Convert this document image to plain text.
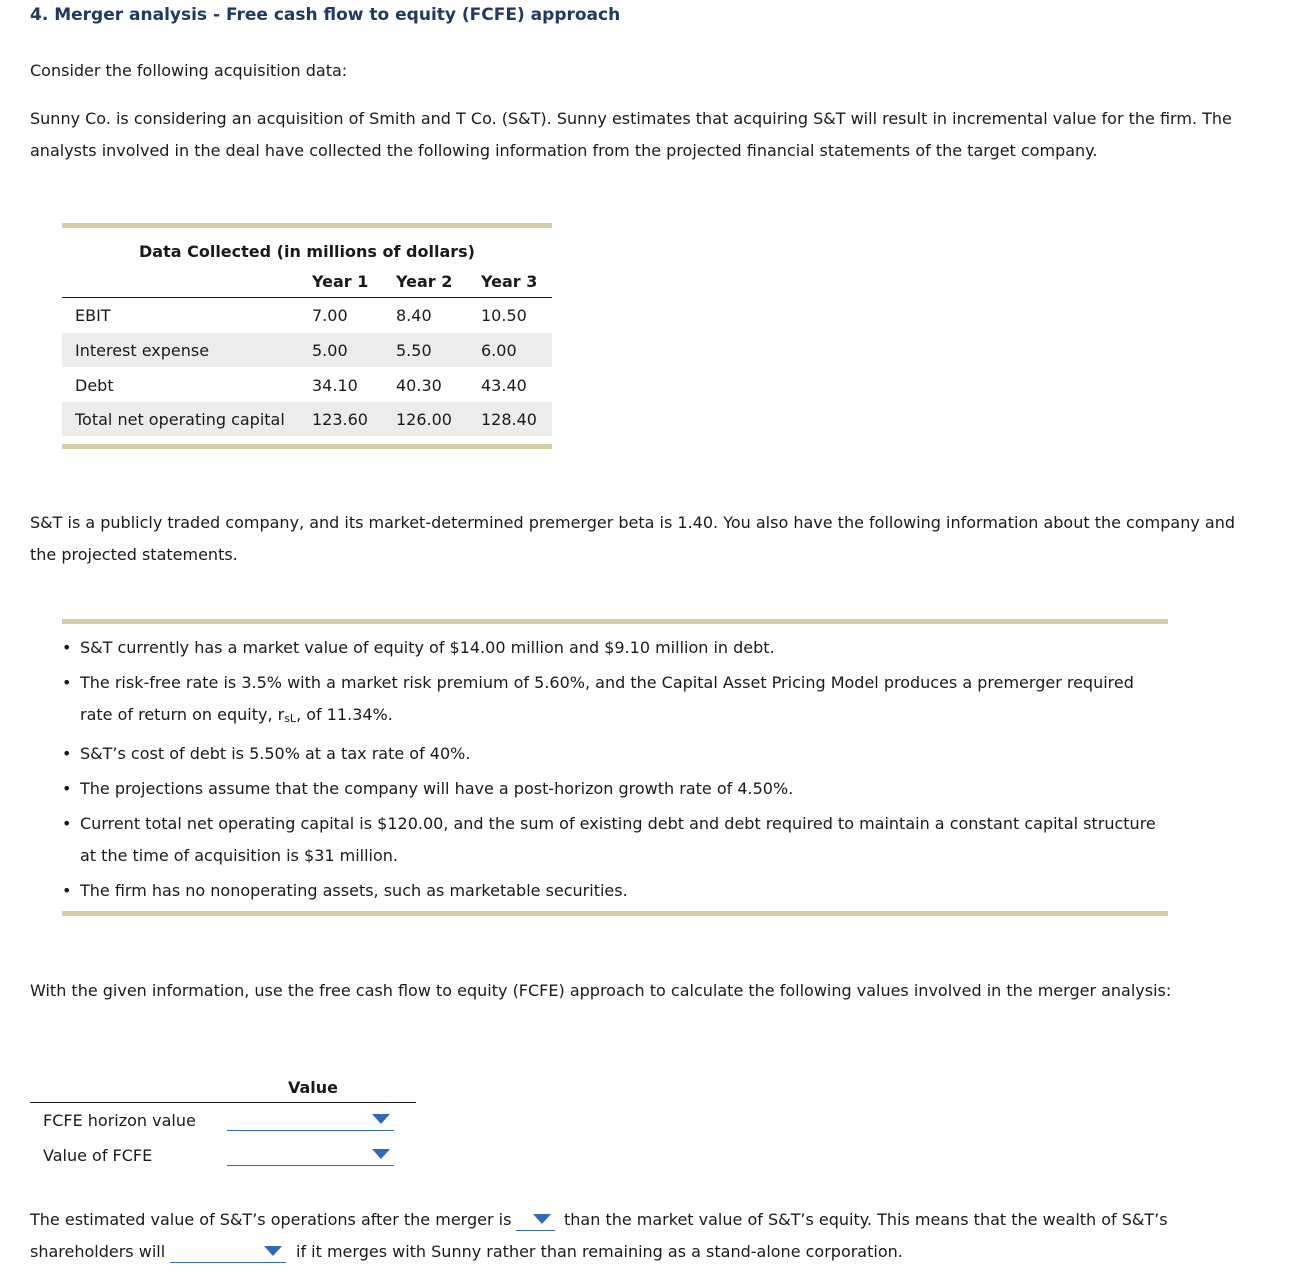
4. Merger analysis - Free cash flow to equity (FCFE) approach
Consider the following acquisition data:
Sunny Co. is considering an acquisition of Smith and T Co. (S&T). Sunny estimates that acquiring S&T will result in incremental value for the firm. The
analysts involved in the deal have collected the following information from the projected financial statements of the target company.
Data Collected (in millions of dollars)
Year 1 Year 2 Year 3
EBIT	7.00	8.40	10.50
Interest expense	5.00	5.50	6.00
Debt	34.10 40.30 43.40
Total net operating capital 123.60 126.00 128.40
S&T is a publicly traded company, and its market-determined premerger beta is 1.40. You also have the following information about the company and
the projected statements.
• S&T currently has a market value of equity of $14.00 million and $9.10 million in debt.
• The risk-free rate is 3.5% with a market risk premium of 5.60%, and the Capital Asset Pricing Model produces a premerger required
rate of return on equity, $r_{sL}$, of 11.34%.
• S&T’s cost of debt is 5.50% at a tax rate of 40%.
• The projections assume that the company will have a post-horizon growth rate of 4.50%.
• Current total net operating capital is $120.00, and the sum of existing debt and debt required to maintain a constant capital structure
at the time of acquisition is $31 million.
• The firm has no nonoperating assets, such as marketable securities.
With the given information, use the free cash flow to equity (FCFE) approach to calculate the following values involved in the merger analysis:
Value
FCFE horizon value
Value of FCFE
The estimated value of S&T’s operations after the merger is	than the market value of S&T’s equity. This means that the wealth of S&T’s
shareholders will	if it merges with Sunny rather than remaining as a stand-alone corporation.
